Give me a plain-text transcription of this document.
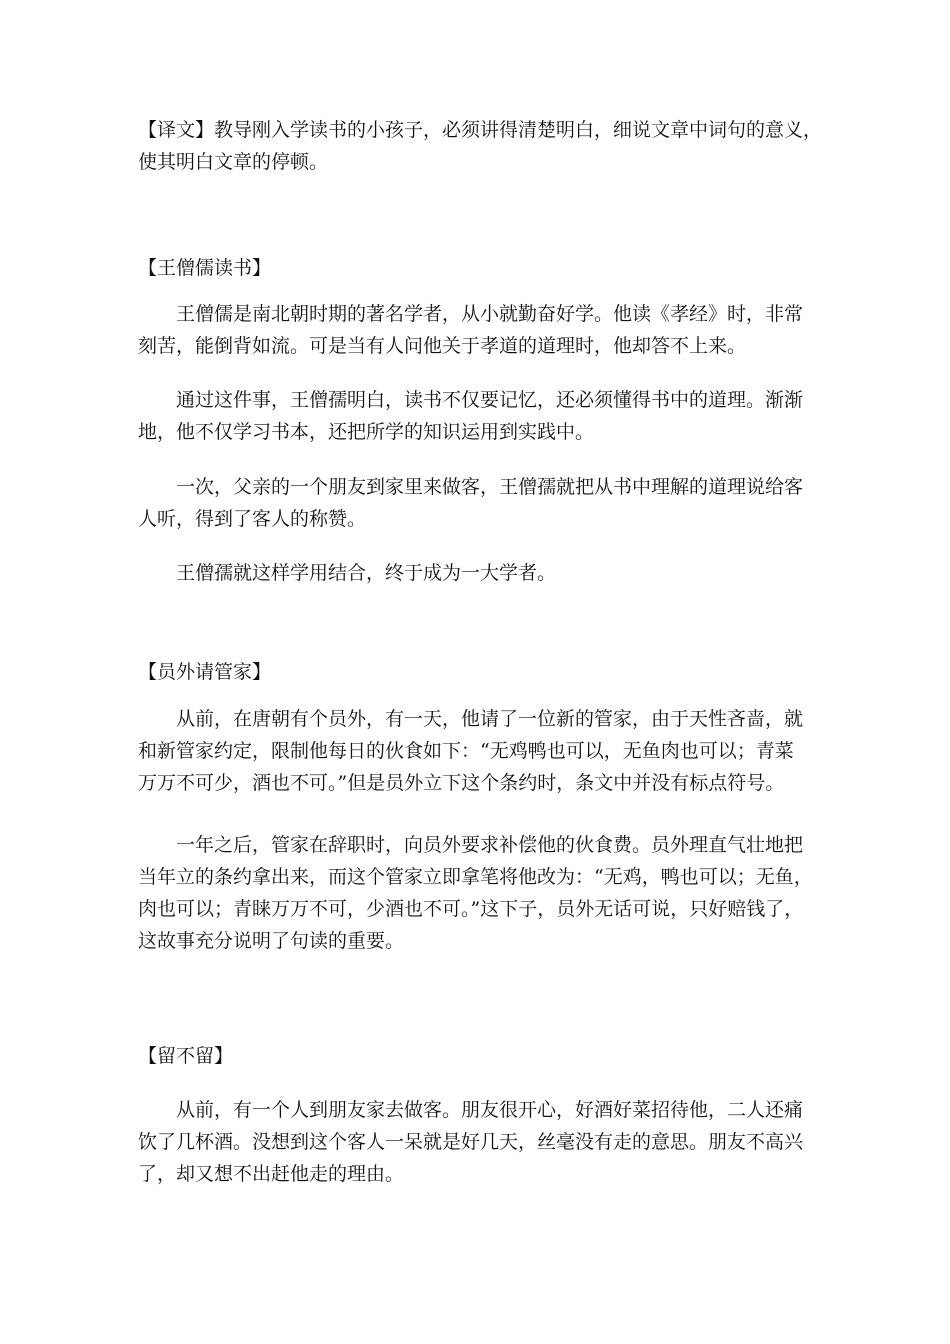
【译文】教导刚入学读书的小孩子，必须讲得清楚明白，细说文章中词句的意义，
使其明白文章的停顿。
【王僧儒读书】
　　王僧儒是南北朝时期的著名学者，从小就勤奋好学。他读《孝经》时，非常
刻苦，能倒背如流。可是当有人问他关于孝道的道理时，他却答不上来。
　　通过这件事，王僧孺明白，读书不仅要记忆，还必须懂得书中的道理。渐渐
地，他不仅学习书本，还把所学的知识运用到实践中。
　　一次，父亲的一个朋友到家里来做客，王僧孺就把从书中理解的道理说给客
人听，得到了客人的称赞。
　　王僧孺就这样学用结合，终于成为一大学者。
【员外请管家】
　　从前，在唐朝有个员外，有一天，他请了一位新的管家，由于天性吝啬，就
和新管家约定，限制他每日的伙食如下：“无鸡鸭也可以，无鱼肉也可以；青菜
万万不可少，酒也不可。”但是员外立下这个条约时，条文中并没有标点符号。
　　一年之后，管家在辞职时，向员外要求补偿他的伙食费。员外理直气壮地把
当年立的条约拿出来，而这个管家立即拿笔将他改为：“无鸡，鸭也可以；无鱼，
肉也可以；青睐万万不可，少酒也不可。”这下子，员外无话可说，只好赔钱了，
这故事充分说明了句读的重要。
【留不留】
　　从前，有一个人到朋友家去做客。朋友很开心，好酒好菜招待他，二人还痛
饮了几杯酒。没想到这个客人一呆就是好几天，丝毫没有走的意思。朋友不高兴
了，却又想不出赶他走的理由。
